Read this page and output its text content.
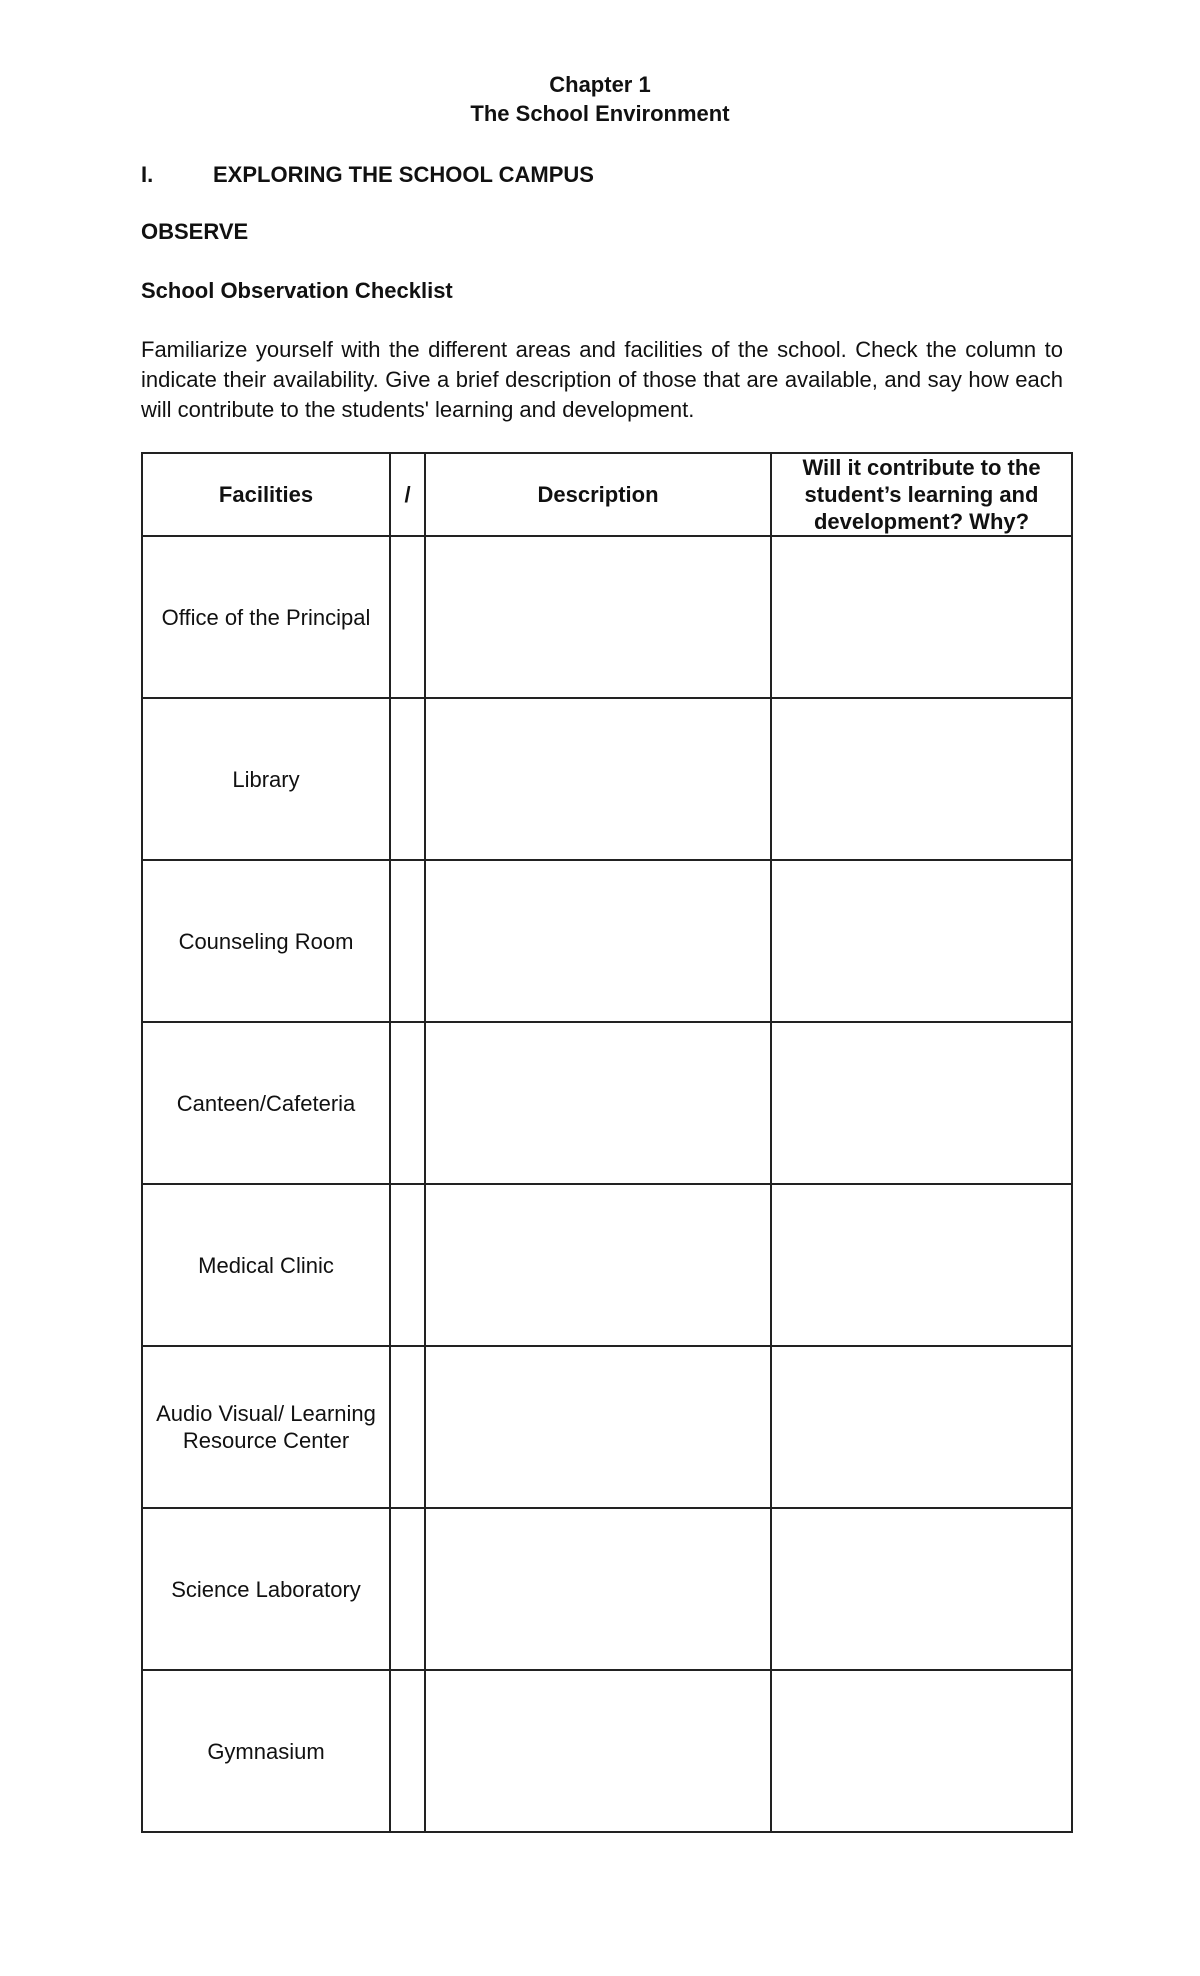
Chapter 1
The School Environment
I.	EXPLORING THE SCHOOL CAMPUS
OBSERVE
School Observation Checklist
Familiarize yourself with the different areas and facilities of the school. Check the column to indicate their availability. Give a brief description of those that are available, and say how each will contribute to the students' learning and development.
Facilities	/	Description	Will it contribute to the student’s learning and development? Why?
Office of the Principal			
Library			
Counseling Room			
Canteen/Cafeteria			
Medical Clinic			
Audio Visual/ Learning Resource Center			
Science Laboratory			
Gymnasium			
